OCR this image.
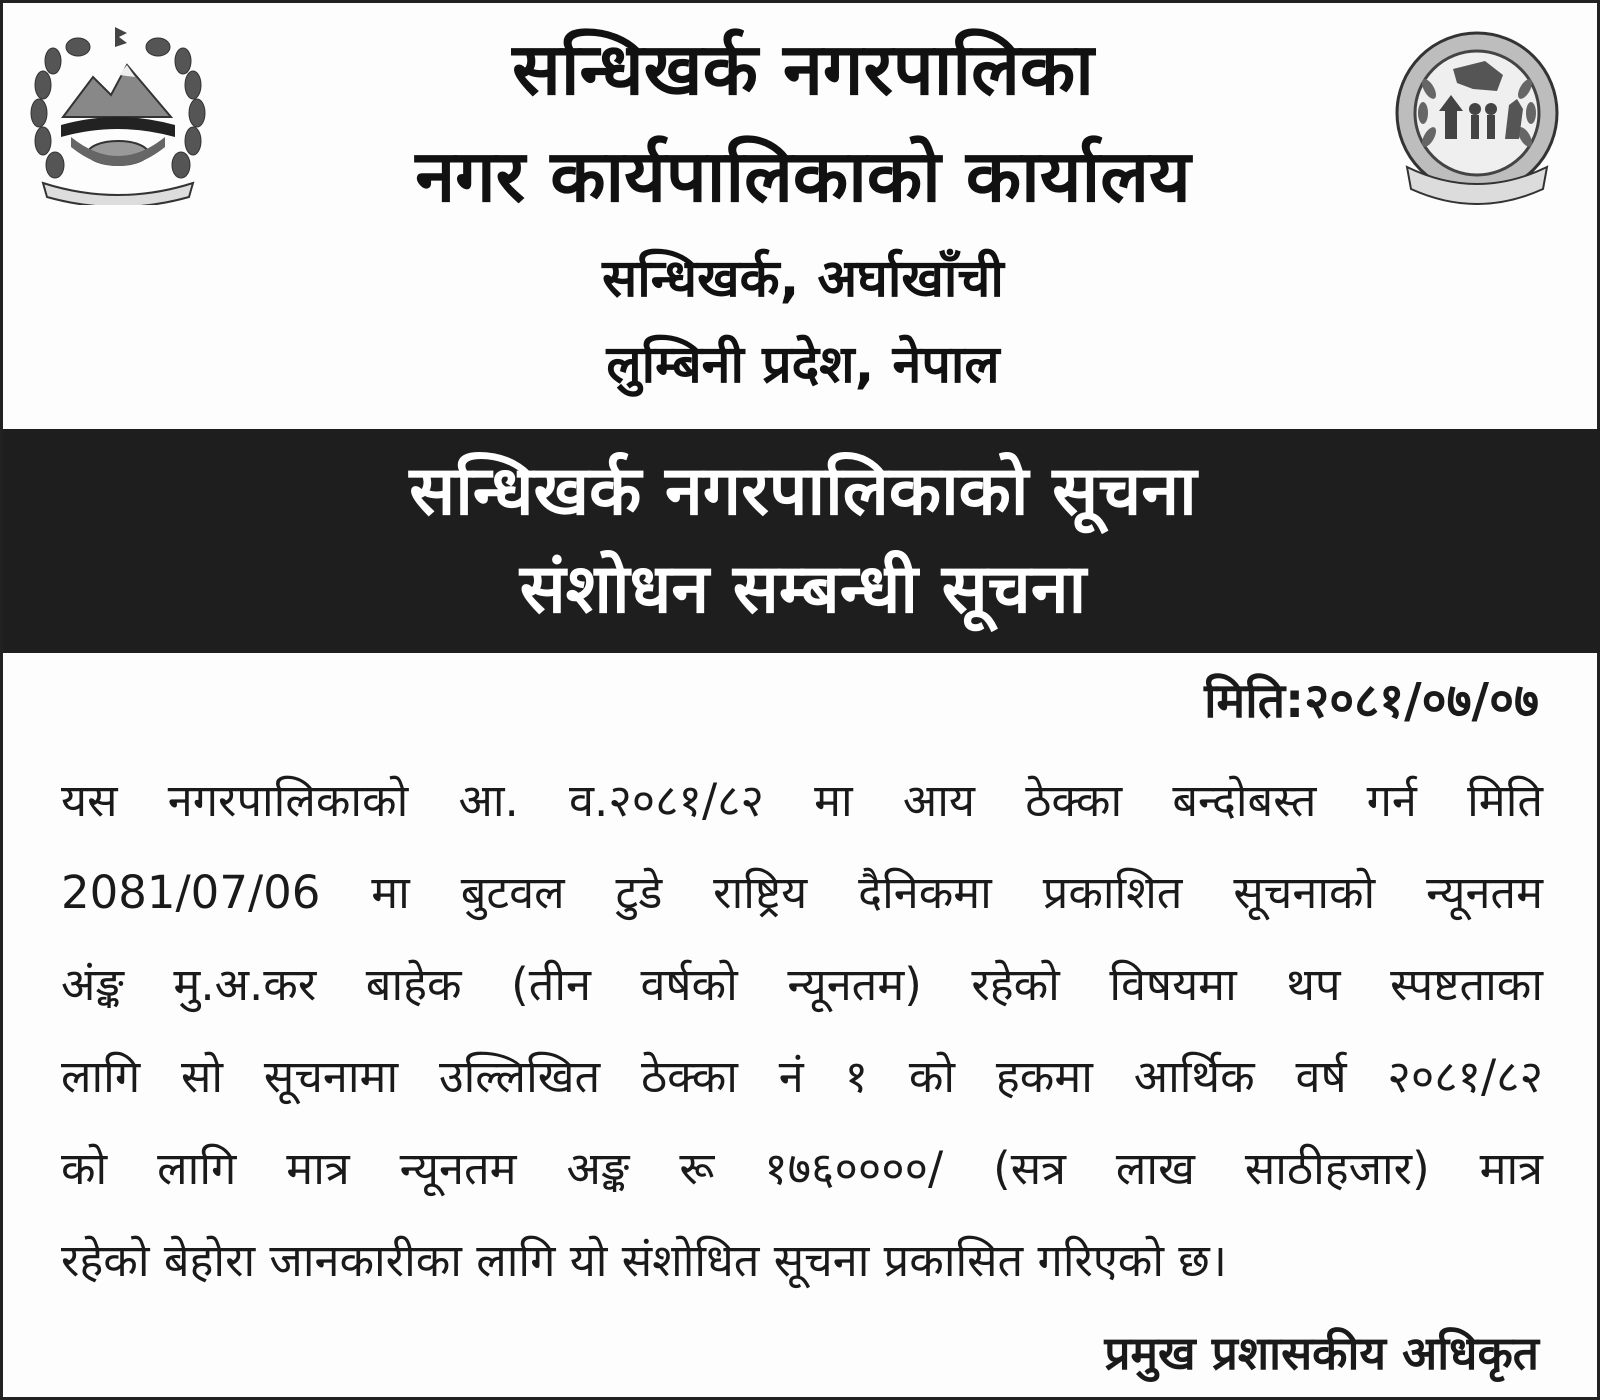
सन्धिखर्क नगरपालिका
नगर कार्यपालिकाको कार्यालय
सन्धिखर्क, अर्घाखाँची
लुम्बिनी प्रदेश, नेपाल
सन्धिखर्क नगरपालिकाको सूचना
संशोधन सम्बन्धी सूचना
मिति:२०८१/०७/०७
यस नगरपालिकाको आ. व.२०८१/८२ मा आय ठेक्का बन्दोबस्त गर्न मिति
2081/07/06 मा बुटवल टुडे राष्ट्रिय दैनिकमा प्रकाशित सूचनाको न्यूनतम
अंङ्क मु.अ.कर बाहेक (तीन वर्षको न्यूनतम) रहेको विषयमा थप स्पष्टताका
लागि सो सूचनामा उल्लिखित ठेक्का नं १ को हकमा आर्थिक वर्ष २०८१/८२
को लागि मात्र न्यूनतम अङ्क रू १७६००००/ (सत्र लाख साठीहजार) मात्र
रहेको बेहोरा जानकारीका लागि यो संशोधित सूचना प्रकासित गरिएको छ।
प्रमुख प्रशासकीय अधिकृत
